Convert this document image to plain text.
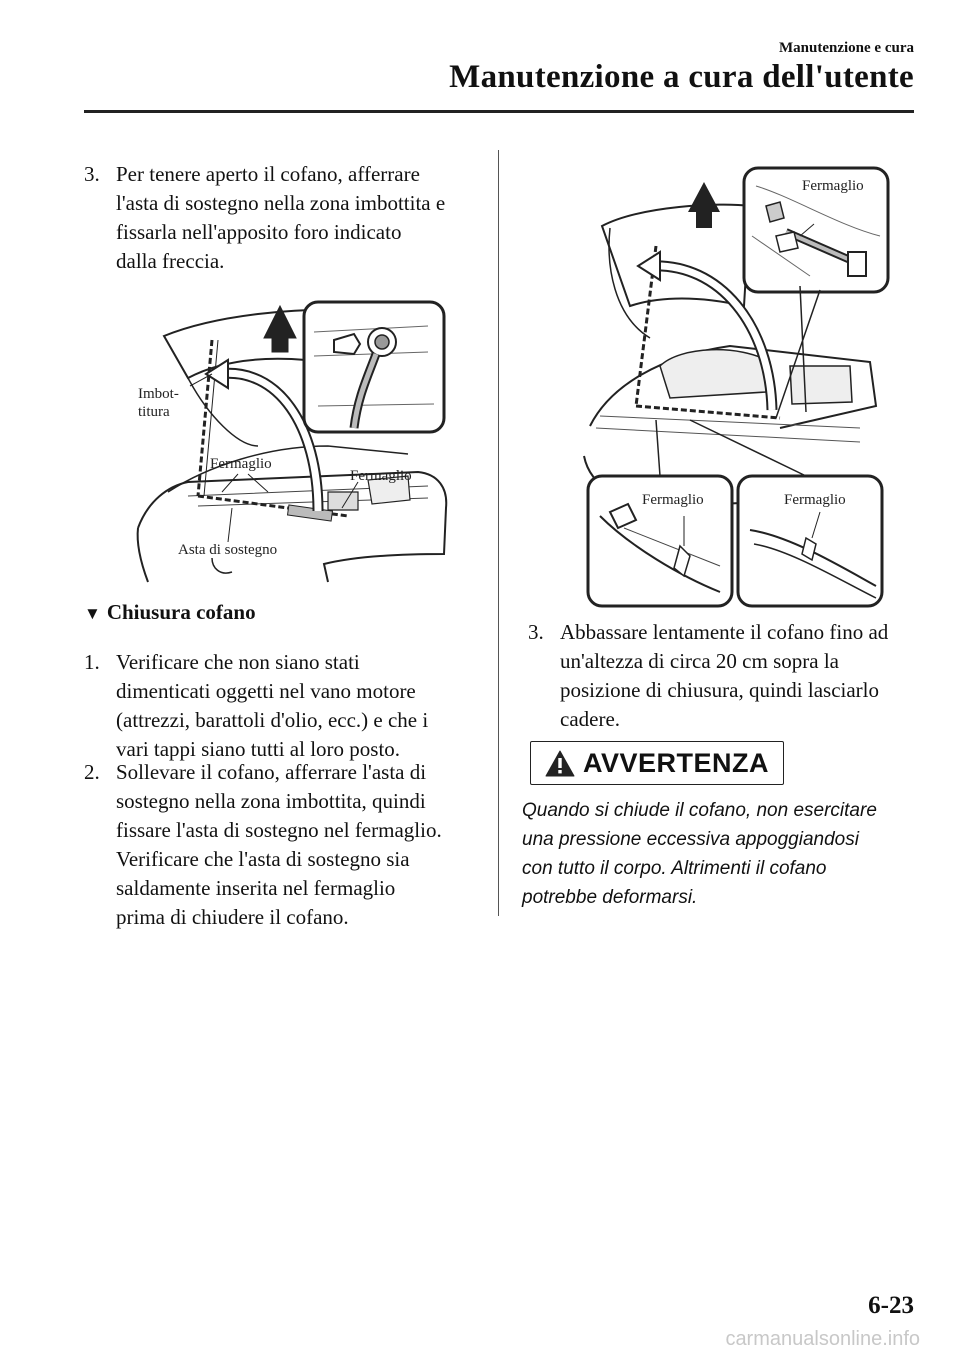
Manutenzione e cura
Manutenzione a cura dell'utente
3. Per tenere aperto il cofano, afferrare
l'asta di sostegno nella zona imbottita e
fissarla nell'apposito foro indicato
dalla freccia.
Imbot-
titura
Fermaglio
Fermaglio
Asta di sostegno
▼ Chiusura cofano
1. Verificare che non siano stati
dimenticati oggetti nel vano motore
(attrezzi, barattoli d'olio, ecc.) e che i
vari tappi siano tutti al loro posto.
2. Sollevare il cofano, afferrare l'asta di
sostegno nella zona imbottita, quindi
fissare l'asta di sostegno nel fermaglio.
Verificare che l'asta di sostegno sia
saldamente inserita nel fermaglio
prima di chiudere il cofano.
Fermaglio
Fermaglio	Fermaglio
3. Abbassare lentamente il cofano fino ad
un'altezza di circa 20 cm sopra la
posizione di chiusura, quindi lasciarlo
cadere.
AVVERTENZA
Quando si chiude il cofano, non esercitare
una pressione eccessiva appoggiandosi
con tutto il corpo. Altrimenti il cofano
potrebbe deformarsi.
6-23
carmanualsonline.info
